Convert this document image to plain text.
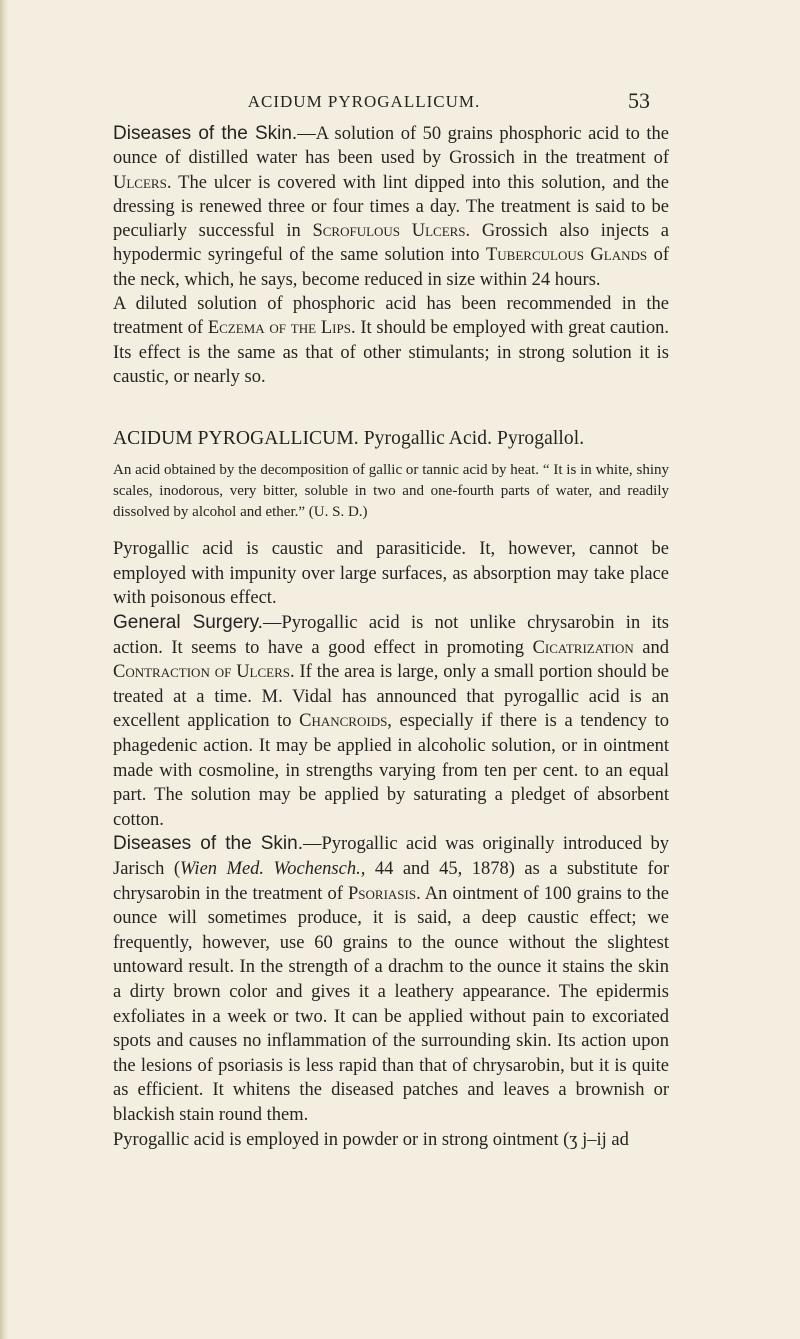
ACIDUM PYROGALLICUM.	53

Diseases of the Skin.—A solution of 50 grains phosphoric acid to the ounce of distilled water has been used by Grossich in the treatment of Ulcers. The ulcer is covered with lint dipped into this solution, and the dressing is renewed three or four times a day. The treatment is said to be peculiarly successful in Scrofulous Ulcers. Grossich also injects a hypodermic syringeful of the same solution into Tuberculous Glands of the neck, which, he says, become reduced in size within 24 hours.

A diluted solution of phosphoric acid has been recommended in the treatment of Eczema of the Lips. It should be employed with great caution. Its effect is the same as that of other stimulants; in strong solution it is caustic, or nearly so.

ACIDUM PYROGALLICUM. Pyrogallic Acid. Pyrogallol.

An acid obtained by the decomposition of gallic or tannic acid by heat. “ It is in white, shiny scales, inodorous, very bitter, soluble in two and one-fourth parts of water, and readily dissolved by alcohol and ether.” (U. S. D.)

Pyrogallic acid is caustic and parasiticide. It, however, cannot be employed with impunity over large surfaces, as absorption may take place with poisonous effect.

General Surgery.—Pyrogallic acid is not unlike chrysarobin in its action. It seems to have a good effect in promoting Cicatrization and Contraction of Ulcers. If the area is large, only a small portion should be treated at a time. M. Vidal has announced that pyrogallic acid is an excellent application to Chancroids, especially if there is a tendency to phagedenic action. It may be applied in alcoholic solution, or in ointment made with cosmoline, in strengths varying from ten per cent. to an equal part. The solution may be applied by saturating a pledget of absorbent cotton.

Diseases of the Skin.—Pyrogallic acid was originally introduced by Jarisch (Wien Med. Wochensch., 44 and 45, 1878) as a substitute for chrysarobin in the treatment of Psoriasis. An ointment of 100 grains to the ounce will sometimes produce, it is said, a deep caustic effect; we frequently, however, use 60 grains to the ounce without the slightest untoward result. In the strength of a drachm to the ounce it stains the skin a dirty brown color and gives it a leathery appearance. The epidermis exfoliates in a week or two. It can be applied without pain to excoriated spots and causes no inflammation of the surrounding skin. Its action upon the lesions of psoriasis is less rapid than that of chrysarobin, but it is quite as efficient. It whitens the diseased patches and leaves a brownish or blackish stain round them.

Pyrogallic acid is employed in powder or in strong ointment (ʒ j–ij ad
